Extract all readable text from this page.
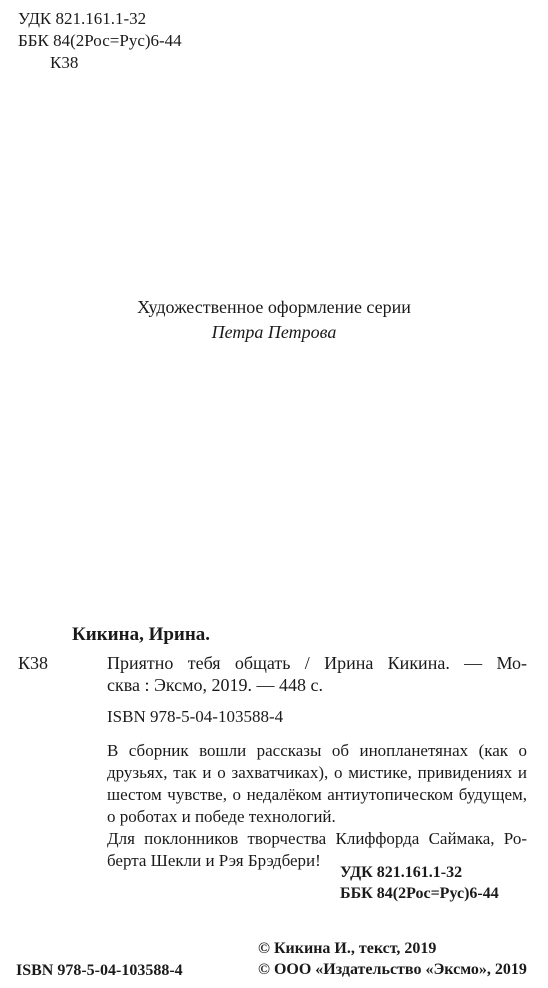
УДК 821.161.1-32
ББК 84(2Рос=Рус)6-44
К38
Художественное оформление серии
Петра Петрова
Кикина, Ирина.
К38	Приятно тебя общать / Ирина Кикина. — Мо-
сква : Эксмо, 2019. — 448 с.
ISBN 978-5-04-103588-4
В сборник вошли рассказы об инопланетянах (как о
друзьях, так и о захватчиках), о мистике, привидениях и
шестом чувстве, о недалёком антиутопическом будущем,
о роботах и победе технологий.
Для поклонников творчества Клиффорда Саймака, Ро-
берта Шекли и Рэя Брэдбери!
УДК 821.161.1-32
ББК 84(2Рос=Рус)6-44
© Кикина И., текст, 2019
© ООО «Издательство «Эксмо», 2019
ISBN 978-5-04-103588-4
